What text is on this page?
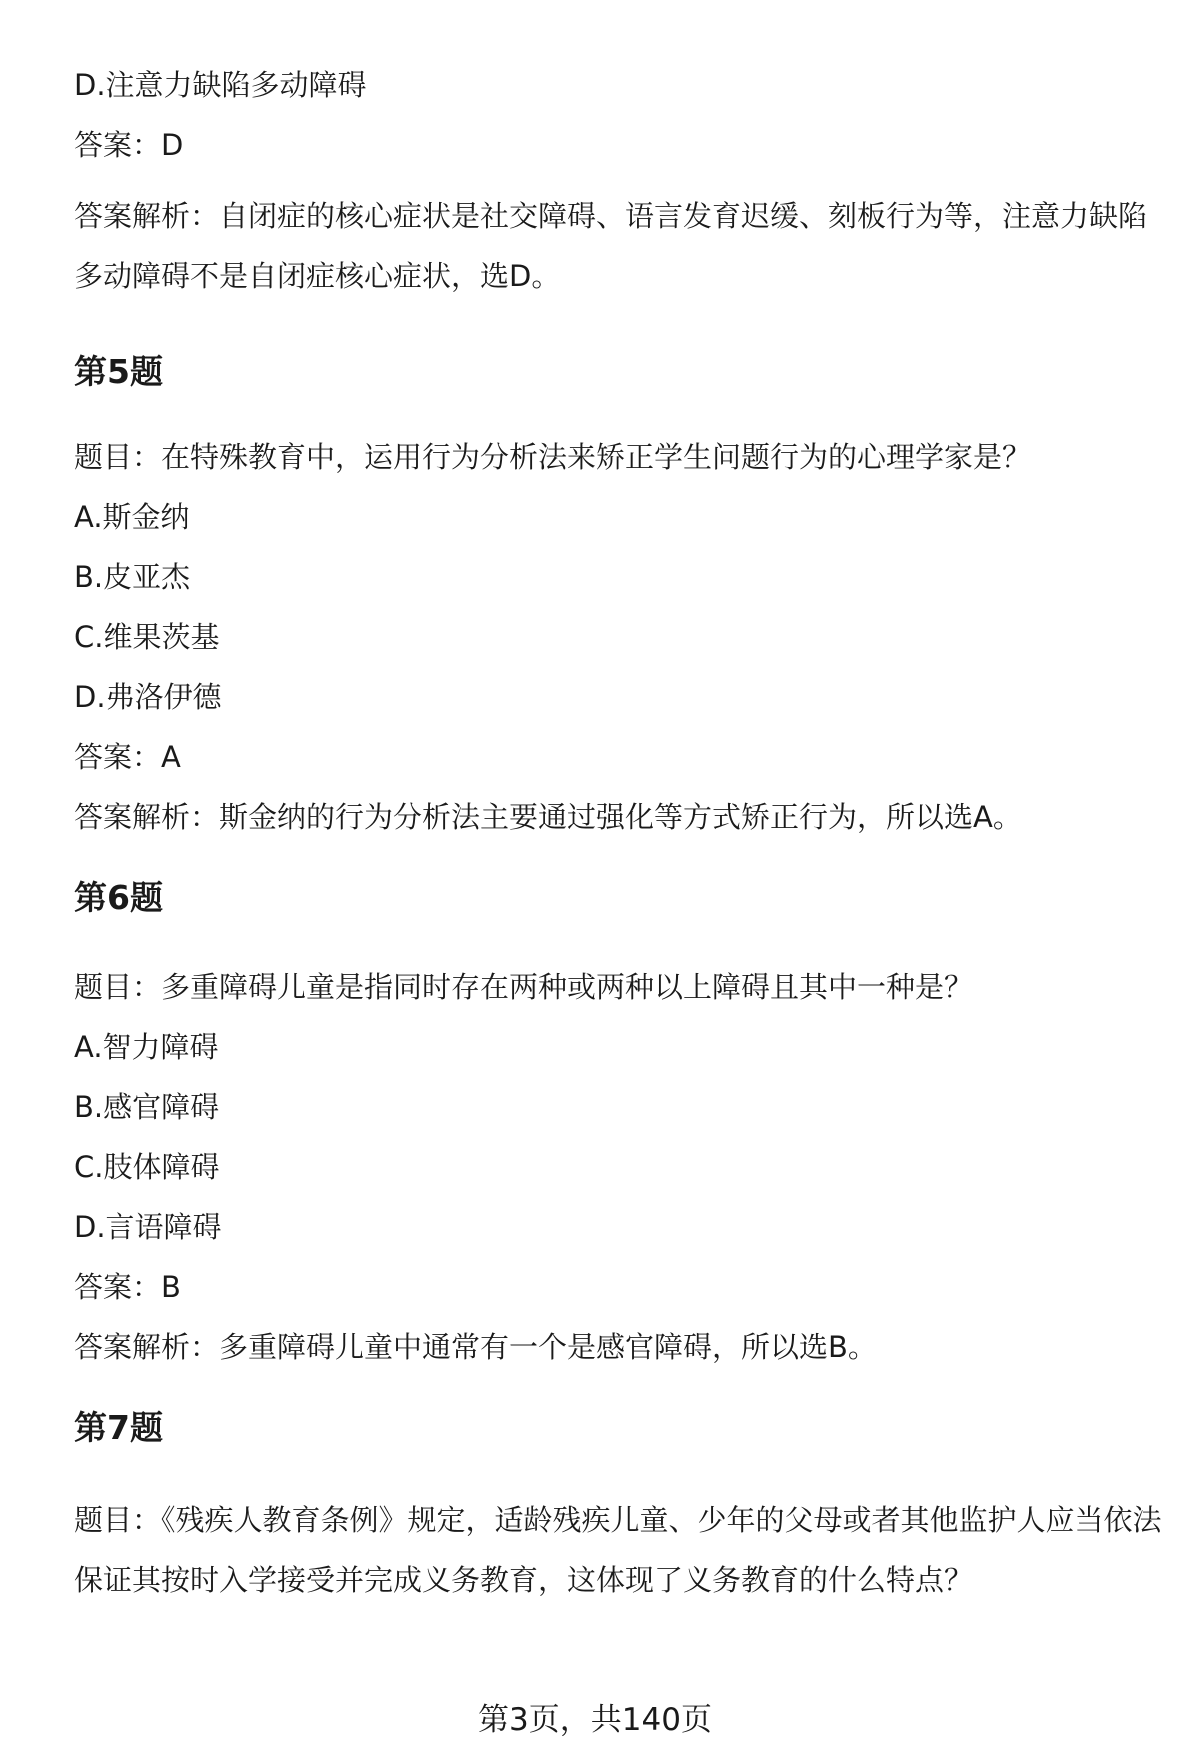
D.注意力缺陷多动障碍

答案：D

答案解析：自闭症的核心症状是社交障碍、语言发育迟缓、刻板行为等，注意力缺陷多动障碍不是自闭症核心症状，选D。

第5题

题目：在特殊教育中，运用行为分析法来矫正学生问题行为的心理学家是？

A.斯金纳

B.皮亚杰

C.维果茨基

D.弗洛伊德

答案：A

答案解析：斯金纳的行为分析法主要通过强化等方式矫正行为，所以选A。

第6题

题目：多重障碍儿童是指同时存在两种或两种以上障碍且其中一种是？

A.智力障碍

B.感官障碍

C.肢体障碍

D.言语障碍

答案：B

答案解析：多重障碍儿童中通常有一个是感官障碍，所以选B。

第7题

题目：《残疾人教育条例》规定，适龄残疾儿童、少年的父母或者其他监护人应当依法保证其按时入学接受并完成义务教育，这体现了义务教育的什么特点？

第3页，共140页
